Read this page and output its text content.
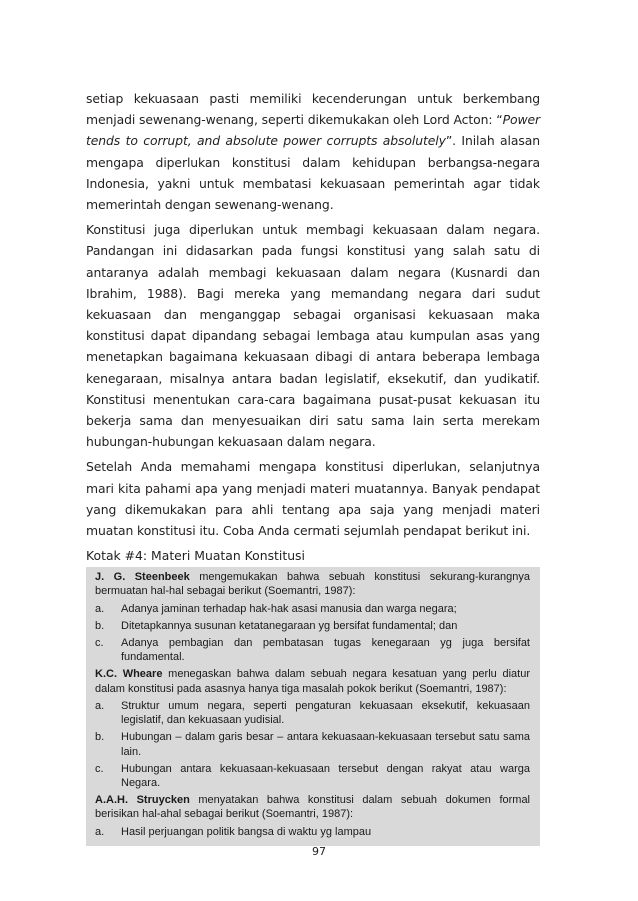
setiap kekuasaan pasti memiliki kecenderungan untuk berkembang menjadi sewenang-wenang, seperti dikemukakan oleh Lord Acton: “Power tends to corrupt, and absolute power corrupts absolutely”. Inilah alasan mengapa diperlukan konstitusi dalam kehidupan berbangsa-negara Indonesia, yakni untuk membatasi kekuasaan pemerintah agar tidak memerintah dengan sewenang-wenang.

Konstitusi juga diperlukan untuk membagi kekuasaan dalam negara. Pandangan ini didasarkan pada fungsi konstitusi yang salah satu di antaranya adalah membagi kekuasaan dalam negara (Kusnardi dan Ibrahim, 1988). Bagi mereka yang memandang negara dari sudut kekuasaan dan menganggap sebagai organisasi kekuasaan maka konstitusi dapat dipandang sebagai lembaga atau kumpulan asas yang menetapkan bagaimana kekuasaan dibagi di antara beberapa lembaga kenegaraan, misalnya antara badan legislatif, eksekutif, dan yudikatif. Konstitusi menentukan cara-cara bagaimana pusat-pusat kekuasan itu bekerja sama dan menyesuaikan diri satu sama lain serta merekam hubungan-hubungan kekuasaan dalam negara.

Setelah Anda memahami mengapa konstitusi diperlukan, selanjutnya mari kita pahami apa yang menjadi materi muatannya. Banyak pendapat yang dikemukakan para ahli tentang apa saja yang menjadi materi muatan konstitusi itu. Coba Anda cermati sejumlah pendapat berikut ini.

Kotak #4: Materi Muatan Konstitusi

J. G. Steenbeek mengemukakan bahwa sebuah konstitusi sekurang-kurangnya bermuatan hal-hal sebagai berikut (Soemantri, 1987):

a.	Adanya jaminan terhadap hak-hak asasi manusia dan warga negara;
b.	Ditetapkannya susunan ketatanegaraan yg bersifat fundamental; dan
c.	Adanya pembagian dan pembatasan tugas kenegaraan yg juga bersifat fundamental.

K.C. Wheare menegaskan bahwa dalam sebuah negara kesatuan yang perlu diatur dalam konstitusi pada asasnya hanya tiga masalah pokok berikut (Soemantri, 1987):

a.	Struktur umum negara, seperti pengaturan kekuasaan eksekutif, kekuasaan legislatif, dan kekuasaan yudisial.
b.	Hubungan – dalam garis besar – antara kekuasaan-kekuasaan tersebut satu sama lain.
c.	Hubungan antara kekuasaan-kekuasaan tersebut dengan rakyat atau warga Negara.

A.A.H. Struycken menyatakan bahwa konstitusi dalam sebuah dokumen formal berisikan hal-ahal sebagai berikut (Soemantri, 1987):

a.	Hasil perjuangan politik bangsa di waktu yg lampau
97
